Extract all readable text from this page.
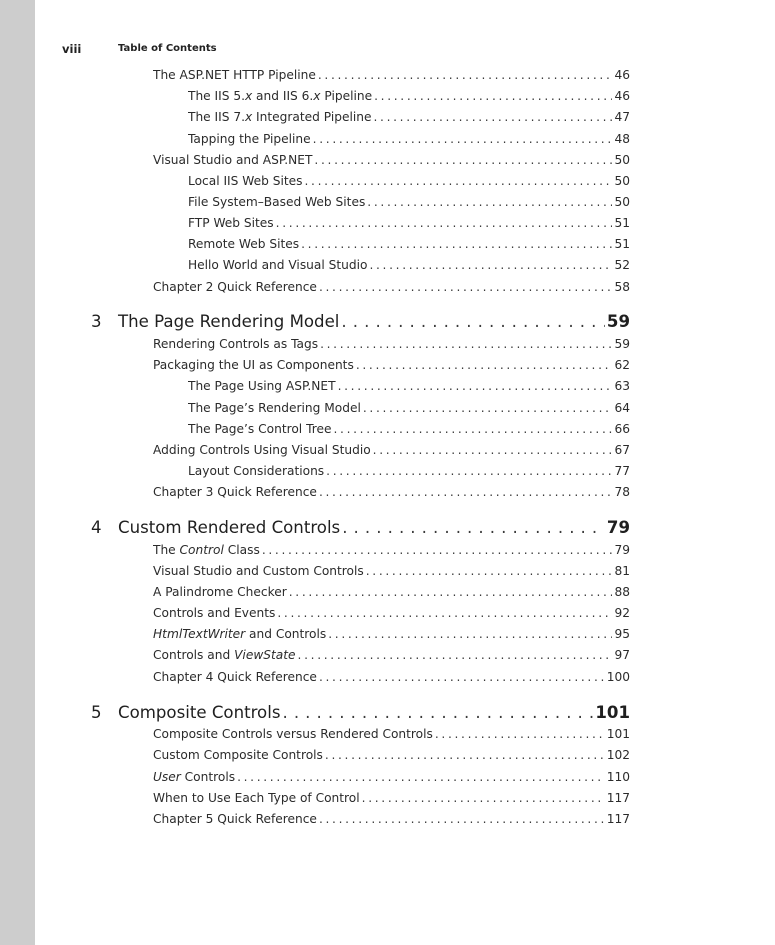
viii	Table of Contents
The ASP.NET HTTP Pipeline . . .	46
The IIS 5.x and IIS 6.x Pipeline . . .	46
The IIS 7.x Integrated Pipeline . . .	47
Tapping the Pipeline . . .	48
Visual Studio and ASP.NET . . .	50
Local IIS Web Sites . . .	50
File System–Based Web Sites . . .	50
FTP Web Sites . . .	51
Remote Web Sites . . .	51
Hello World and Visual Studio . . .	52
Chapter 2 Quick Reference . . .	58
3 The Page Rendering Model . . .	59
Rendering Controls as Tags . . .	59
Packaging the UI as Components . . .	62
The Page Using ASP.NET . . .	63
The Page’s Rendering Model . . .	64
The Page’s Control Tree . . .	66
Adding Controls Using Visual Studio . . .	67
Layout Considerations . . .	77
Chapter 3 Quick Reference . . .	78
4 Custom Rendered Controls . . .	79
The Control Class . . .	79
Visual Studio and Custom Controls . . .	81
A Palindrome Checker . . .	88
Controls and Events . . .	92
HtmlTextWriter and Controls . . .	95
Controls and ViewState . . .	97
Chapter 4 Quick Reference . . .	100
5 Composite Controls . . .	101
Composite Controls versus Rendered Controls . . .	101
Custom Composite Controls . . .	102
User Controls . . .	110
When to Use Each Type of Control . . .	117
Chapter 5 Quick Reference . . .	117
